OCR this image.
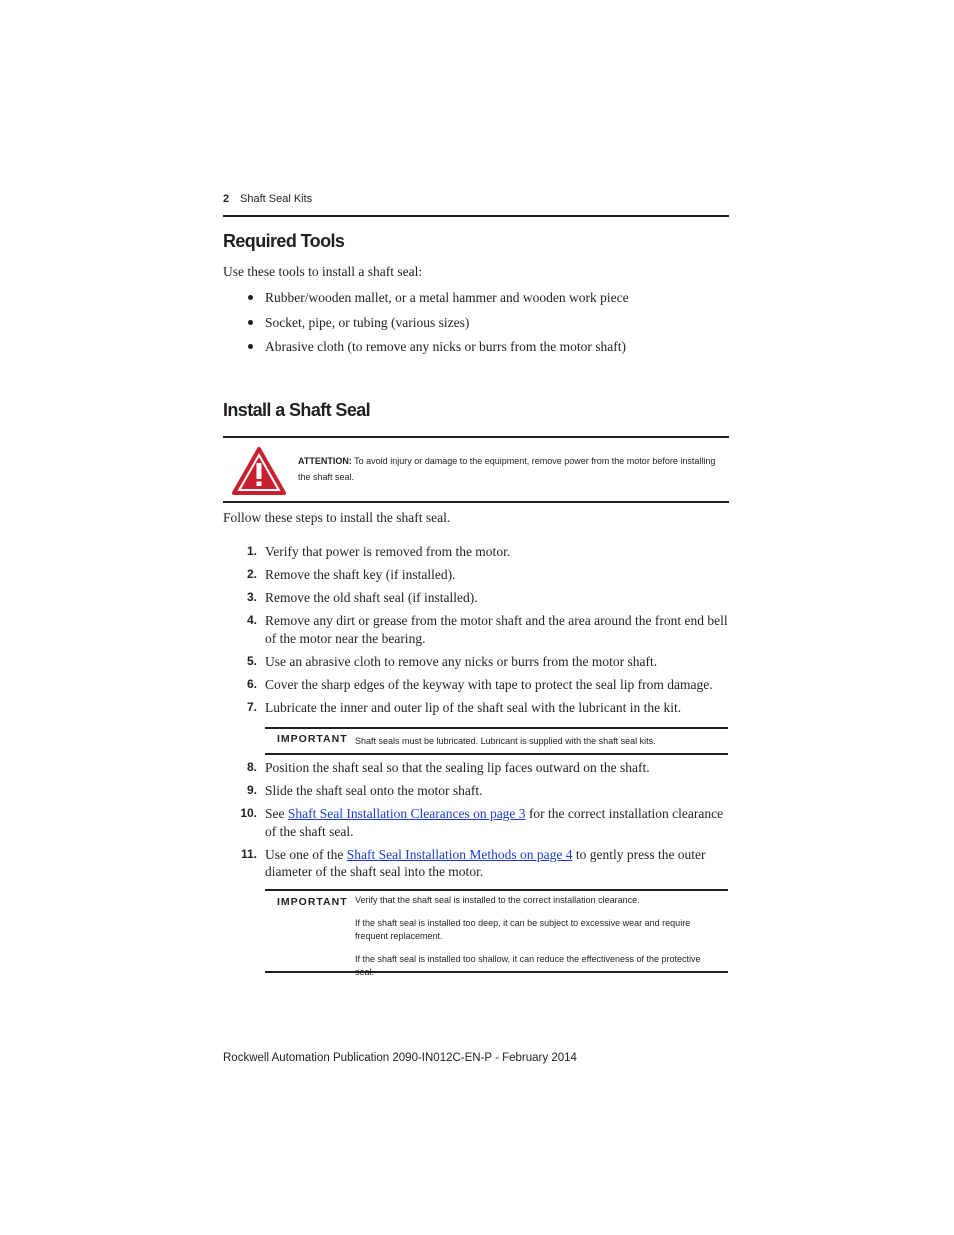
2 Shaft Seal Kits
Required Tools
Use these tools to install a shaft seal:
Rubber/wooden mallet, or a metal hammer and wooden work piece
Socket, pipe, or tubing (various sizes)
Abrasive cloth (to remove any nicks or burrs from the motor shaft)
Install a Shaft Seal
ATTENTION: To avoid injury or damage to the equipment, remove power from the motor before installing the shaft seal.
Follow these steps to install the shaft seal.
1. Verify that power is removed from the motor.
2. Remove the shaft key (if installed).
3. Remove the old shaft seal (if installed).
4. Remove any dirt or grease from the motor shaft and the area around the front end bell of the motor near the bearing.
5. Use an abrasive cloth to remove any nicks or burrs from the motor shaft.
6. Cover the sharp edges of the keyway with tape to protect the seal lip from damage.
7. Lubricate the inner and outer lip of the shaft seal with the lubricant in the kit.
IMPORTANT Shaft seals must be lubricated. Lubricant is supplied with the shaft seal kits.
8. Position the shaft seal so that the sealing lip faces outward on the shaft.
9. Slide the shaft seal onto the motor shaft.
10. See Shaft Seal Installation Clearances on page 3 for the correct installation clearance of the shaft seal.
11. Use one of the Shaft Seal Installation Methods on page 4 to gently press the outer diameter of the shaft seal into the motor.
IMPORTANT Verify that the shaft seal is installed to the correct installation clearance.

If the shaft seal is installed too deep, it can be subject to excessive wear and require frequent replacement.

If the shaft seal is installed too shallow, it can reduce the effectiveness of the protective seal.

Rockwell Automation Publication 2090-IN012C-EN-P - February 2014
